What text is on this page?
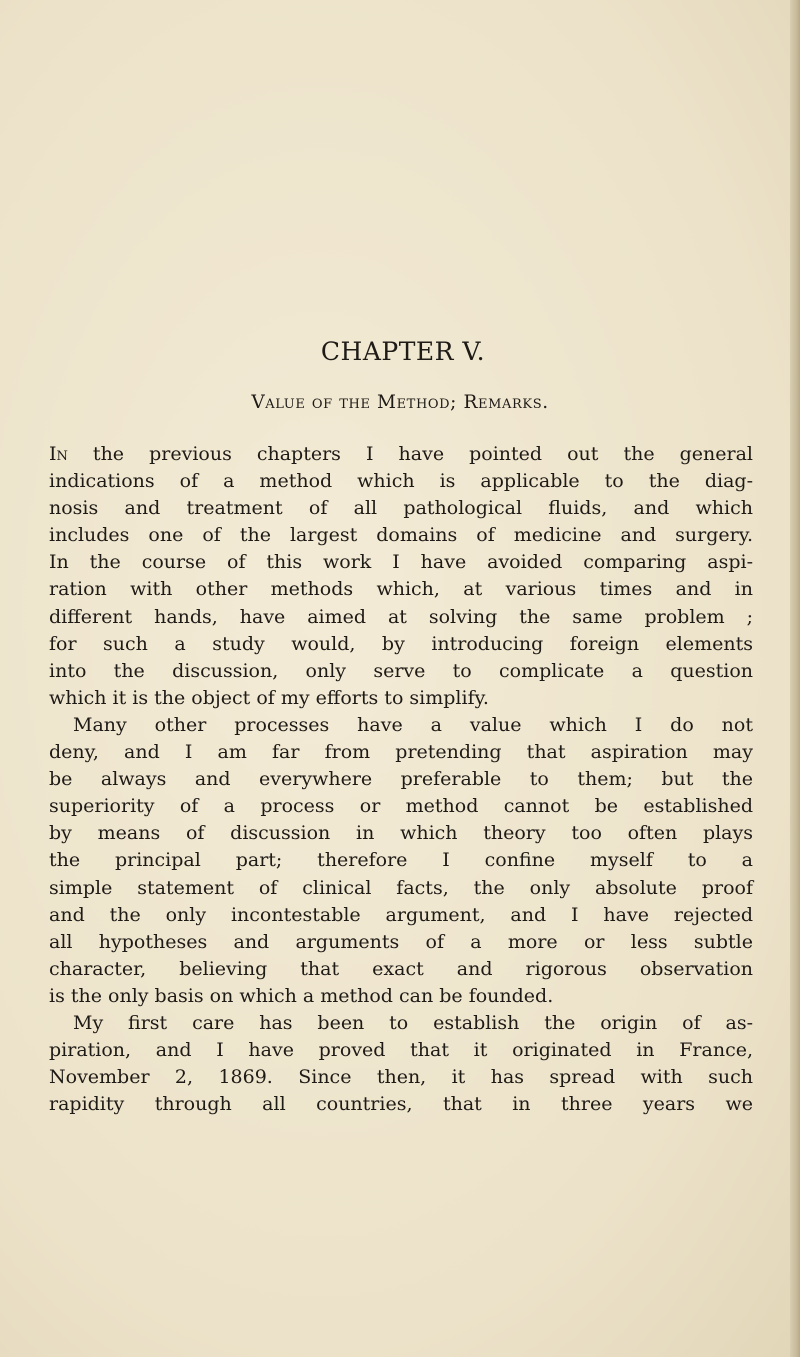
CHAPTER V.
Value of the Method; Remarks.
In the previous chapters I have pointed out the general
indications of a method which is applicable to the diag-
nosis and treatment of all pathological fluids, and which
includes one of the largest domains of medicine and surgery.
In the course of this work I have avoided comparing aspi-
ration with other methods which, at various times and in
different hands, have aimed at solving the same problem ;
for such a study would, by introducing foreign elements
into the discussion, only serve to complicate a question
which it is the object of my efforts to simplify.
Many other processes have a value which I do not
deny, and I am far from pretending that aspiration may
be always and everywhere preferable to them; but the
superiority of a process or method cannot be established
by means of discussion in which theory too often plays
the principal part; therefore I confine myself to a
simple statement of clinical facts, the only absolute proof
and the only incontestable argument, and I have rejected
all hypotheses and arguments of a more or less subtle
character, believing that exact and rigorous observation
is the only basis on which a method can be founded.
My first care has been to establish the origin of as-
piration, and I have proved that it originated in France,
November 2, 1869. Since then, it has spread with such
rapidity through all countries, that in three years we
